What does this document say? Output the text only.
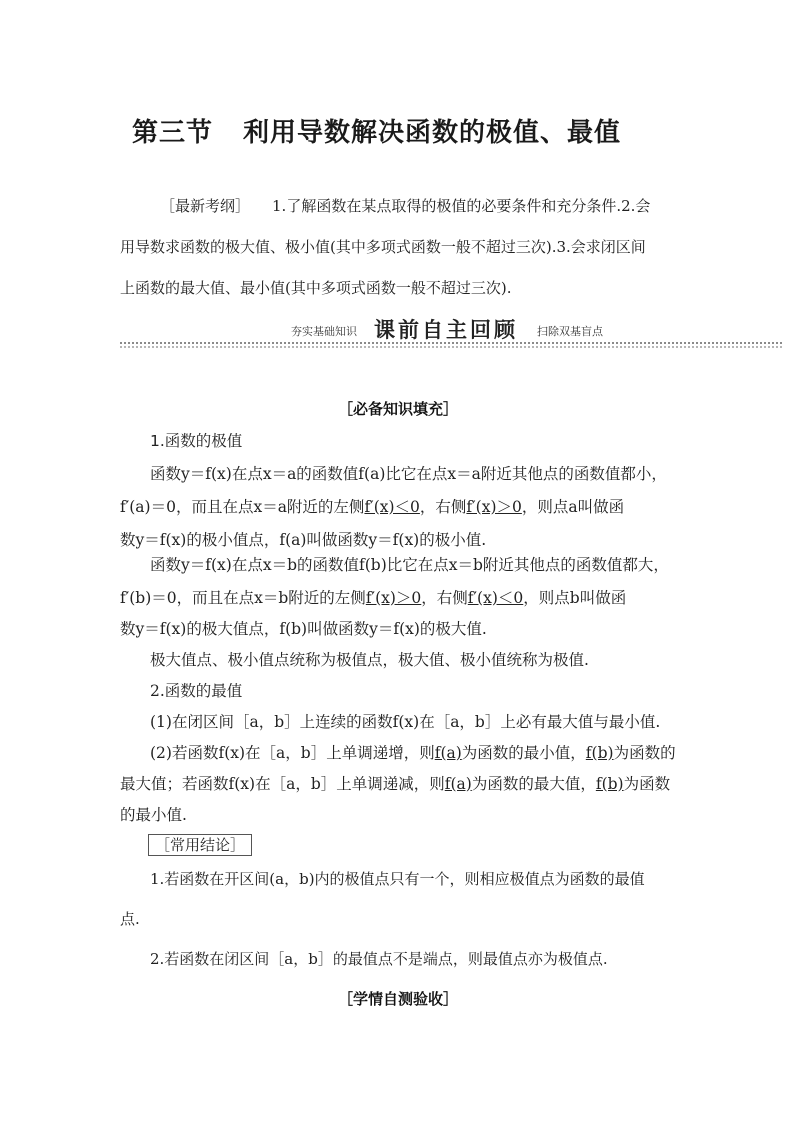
第三节 利用导数解决函数的极值、最值
［最新考纲］ 1.了解函数在某点取得的极值的必要条件和充分条件.2.会
用导数求函数的极大值、极小值(其中多项式函数一般不超过三次).3.会求闭区间
上函数的最大值、最小值(其中多项式函数一般不超过三次).
夯实基础知识 课前自主回顾 扫除双基盲点
［必备知识填充］
1.函数的极值
函数y＝f(x)在点x＝a的函数值f(a)比它在点x＝a附近其他点的函数值都小，
f′(a)＝0，而且在点x＝a附近的左侧f′(x)＜0，右侧f′(x)＞0，则点a叫做函
数y＝f(x)的极小值点，f(a)叫做函数y＝f(x)的极小值.
函数y＝f(x)在点x＝b的函数值f(b)比它在点x＝b附近其他点的函数值都大，
f′(b)＝0，而且在点x＝b附近的左侧f′(x)＞0，右侧f′(x)＜0，则点b叫做函
数y＝f(x)的极大值点，f(b)叫做函数y＝f(x)的极大值.
极大值点、极小值点统称为极值点，极大值、极小值统称为极值.
2.函数的最值
(1)在闭区间［a，b］上连续的函数f(x)在［a，b］上必有最大值与最小值.
(2)若函数f(x)在［a，b］上单调递增，则f(a)为函数的最小值，f(b)为函数的
最大值；若函数f(x)在［a，b］上单调递减，则f(a)为函数的最大值，f(b)为函数
的最小值.
［常用结论］
1.若函数在开区间(a，b)内的极值点只有一个，则相应极值点为函数的最值
点.
2.若函数在闭区间［a，b］的最值点不是端点，则最值点亦为极值点.
［学情自测验收］
